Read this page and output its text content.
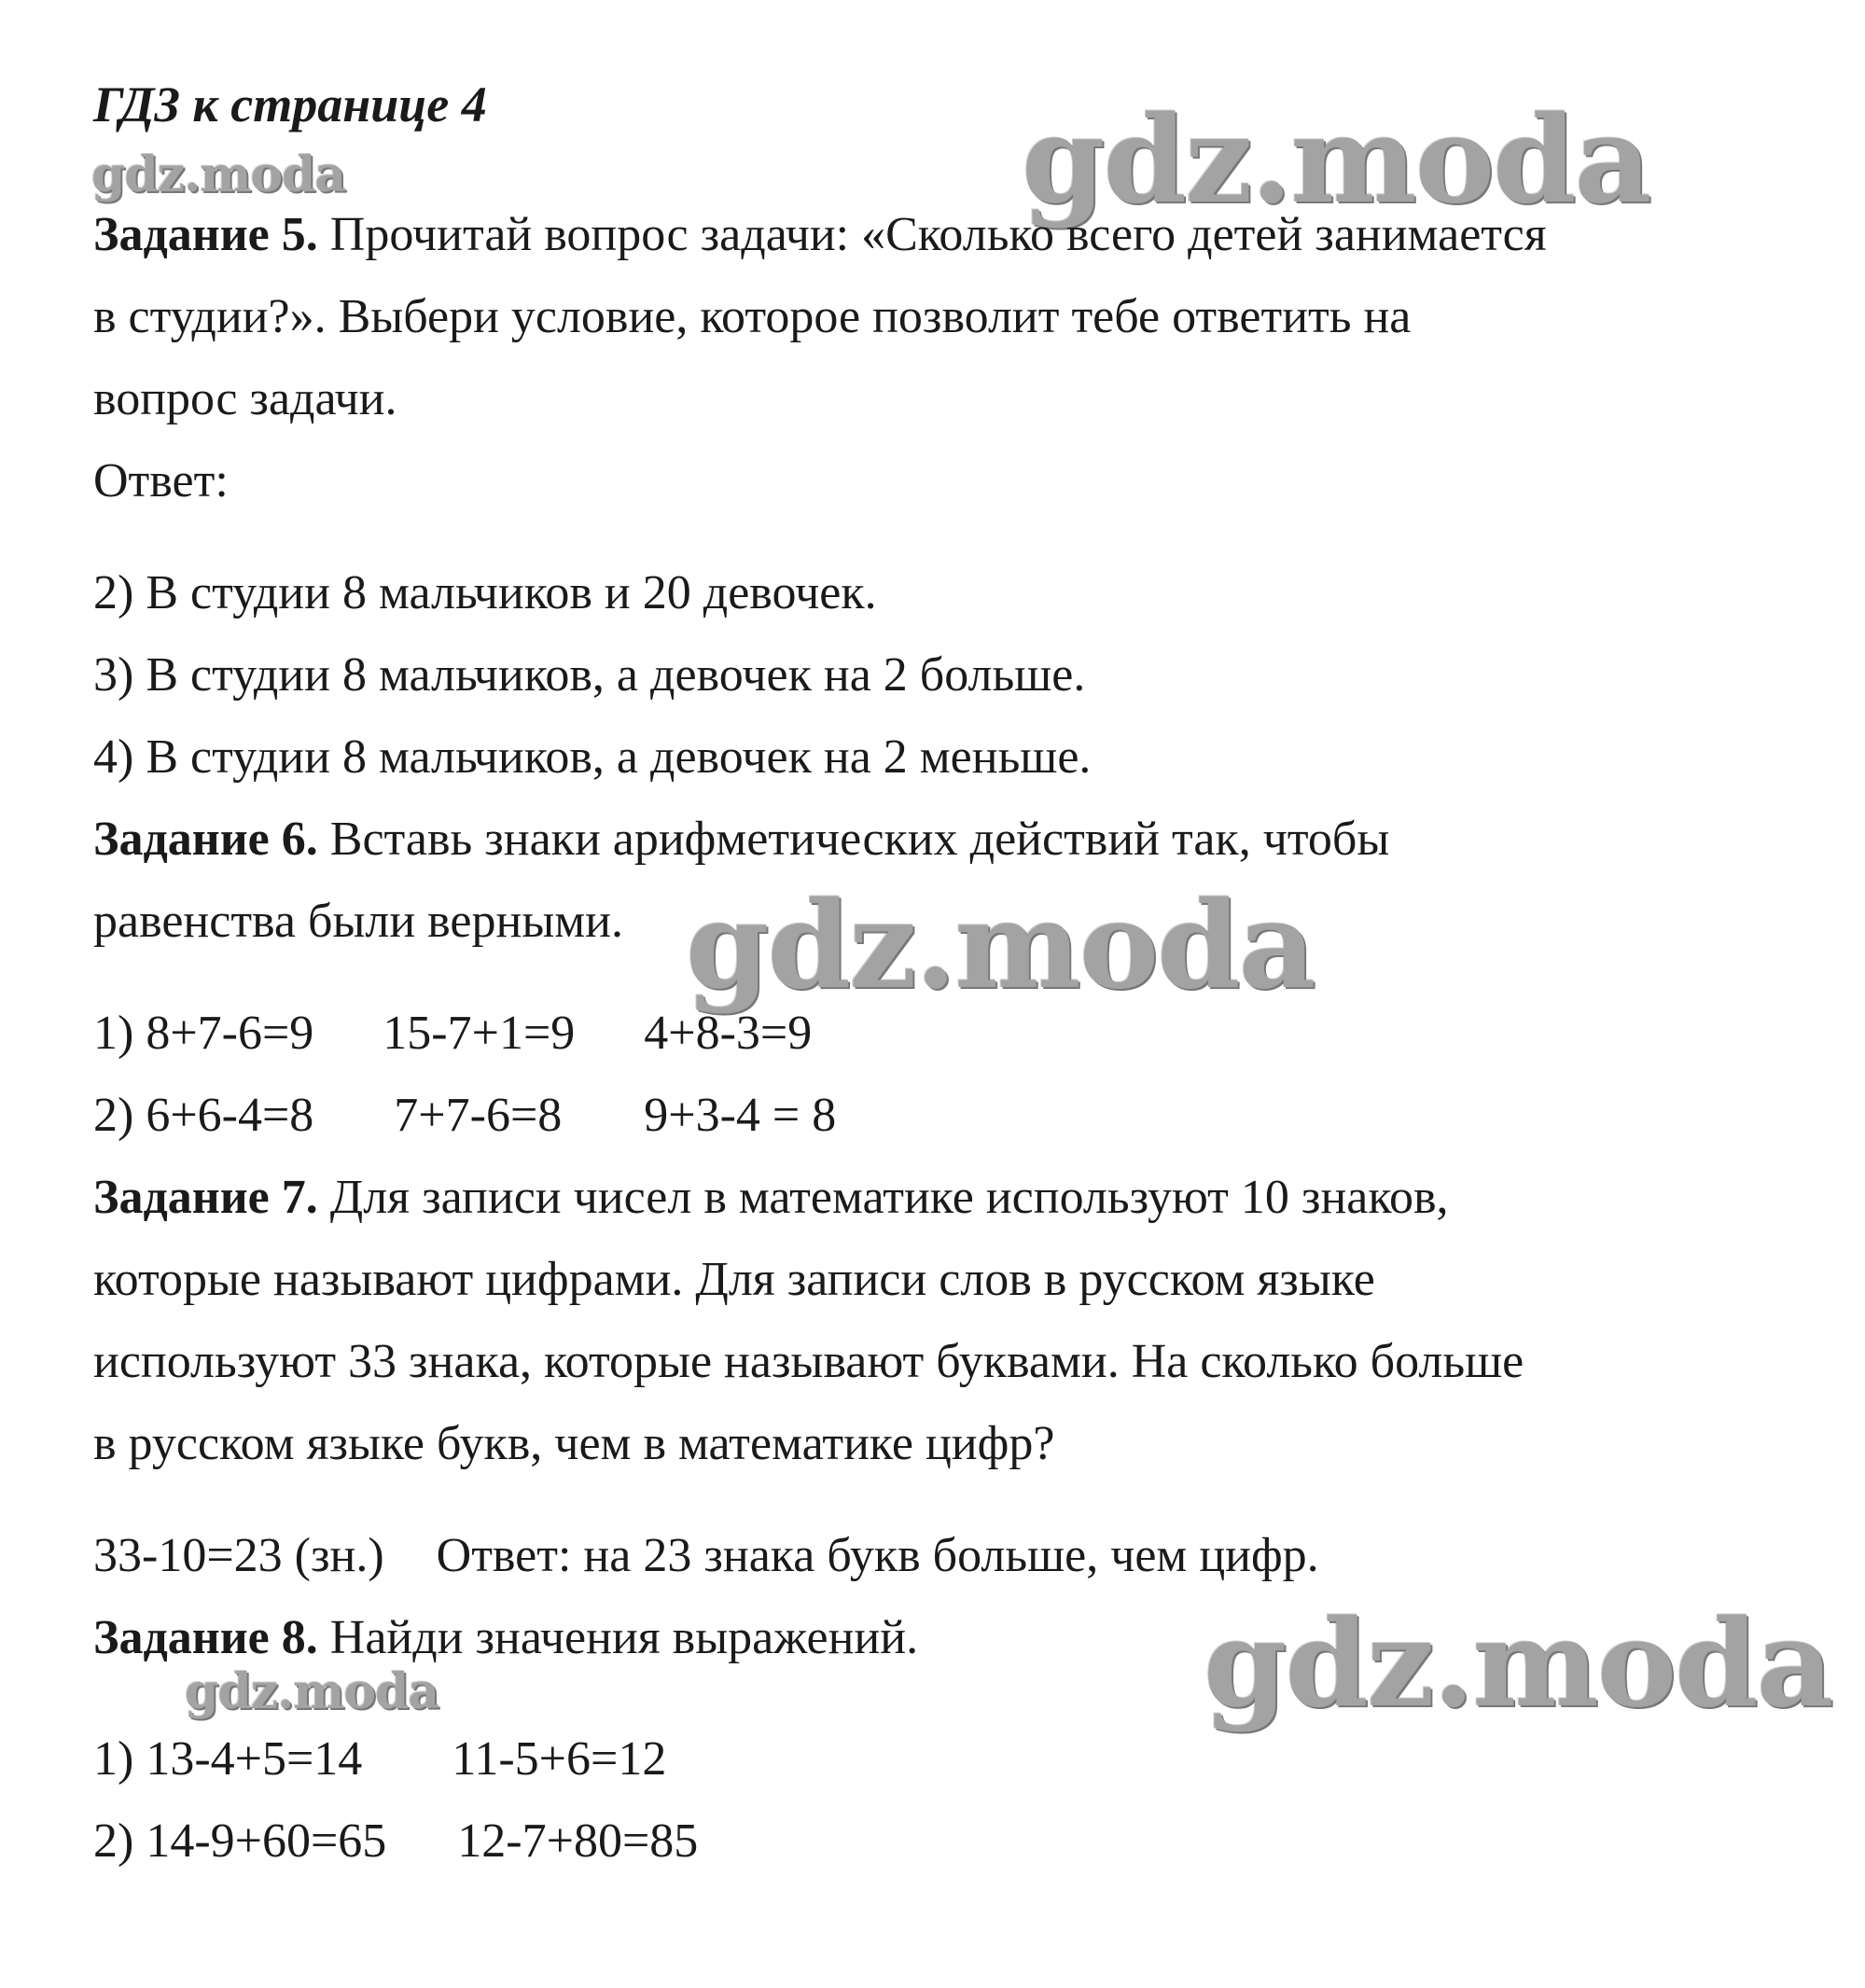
ГДЗ к странице 4
gdz.moda	gdz.moda
gdz.moda
gdz.moda
gdz.moda
Задание 5. Прочитай вопрос задачи: «Сколько всего детей занимается
в студии?». Выбери условие, которое позволит тебе ответить на
вопрос задачи.
Ответ:
2) В студии 8 мальчиков и 20 девочек.
3) В студии 8 мальчиков, а девочек на 2 больше.
4) В студии 8 мальчиков, а девочек на 2 меньше.
Задание 6. Вставь знаки арифметических действий так, чтобы
равенства были верными.
1) 8+7-6=9 15-7+1=9 4+8-3=9
2) 6+6-4=8 7+7-6=8 9+3-4 = 8
Задание 7. Для записи чисел в математике используют 10 знаков,
которые называют цифрами. Для записи слов в русском языке
используют 33 знака, которые называют буквами. На сколько больше
в русском языке букв, чем в математике цифр?
33-10=23 (зн.) Ответ: на 23 знака букв больше, чем цифр.
Задание 8. Найди значения выражений.
1) 13-4+5=14 11-5+6=12
2) 14-9+60=65 12-7+80=85
